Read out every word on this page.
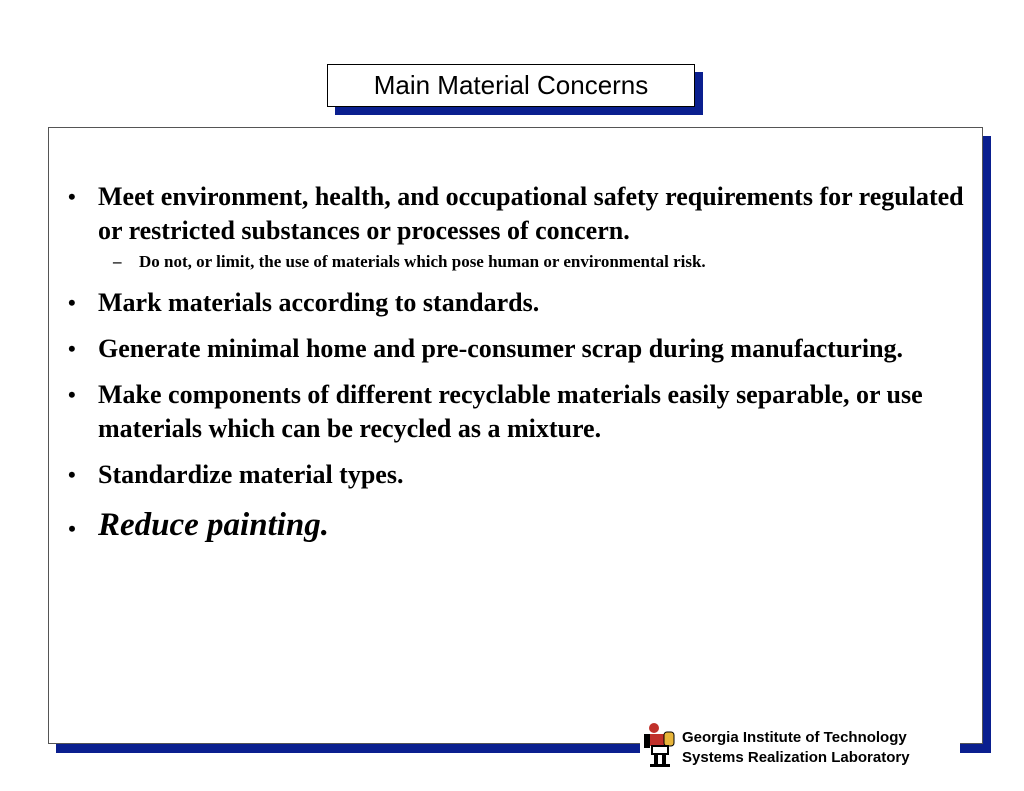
Main Material Concerns
• Meet environment, health, and occupational safety requirements for regulated or restricted substances or processes of concern.
– Do not, or limit, the use of materials which pose human or environmental risk.
• Mark materials according to standards.
• Generate minimal home and pre-consumer scrap during manufacturing.
• Make components of different recyclable materials easily separable, or use materials which can be recycled as a mixture.
• Standardize material types.
• Reduce painting.
Georgia Institute of Technology
Systems Realization Laboratory
